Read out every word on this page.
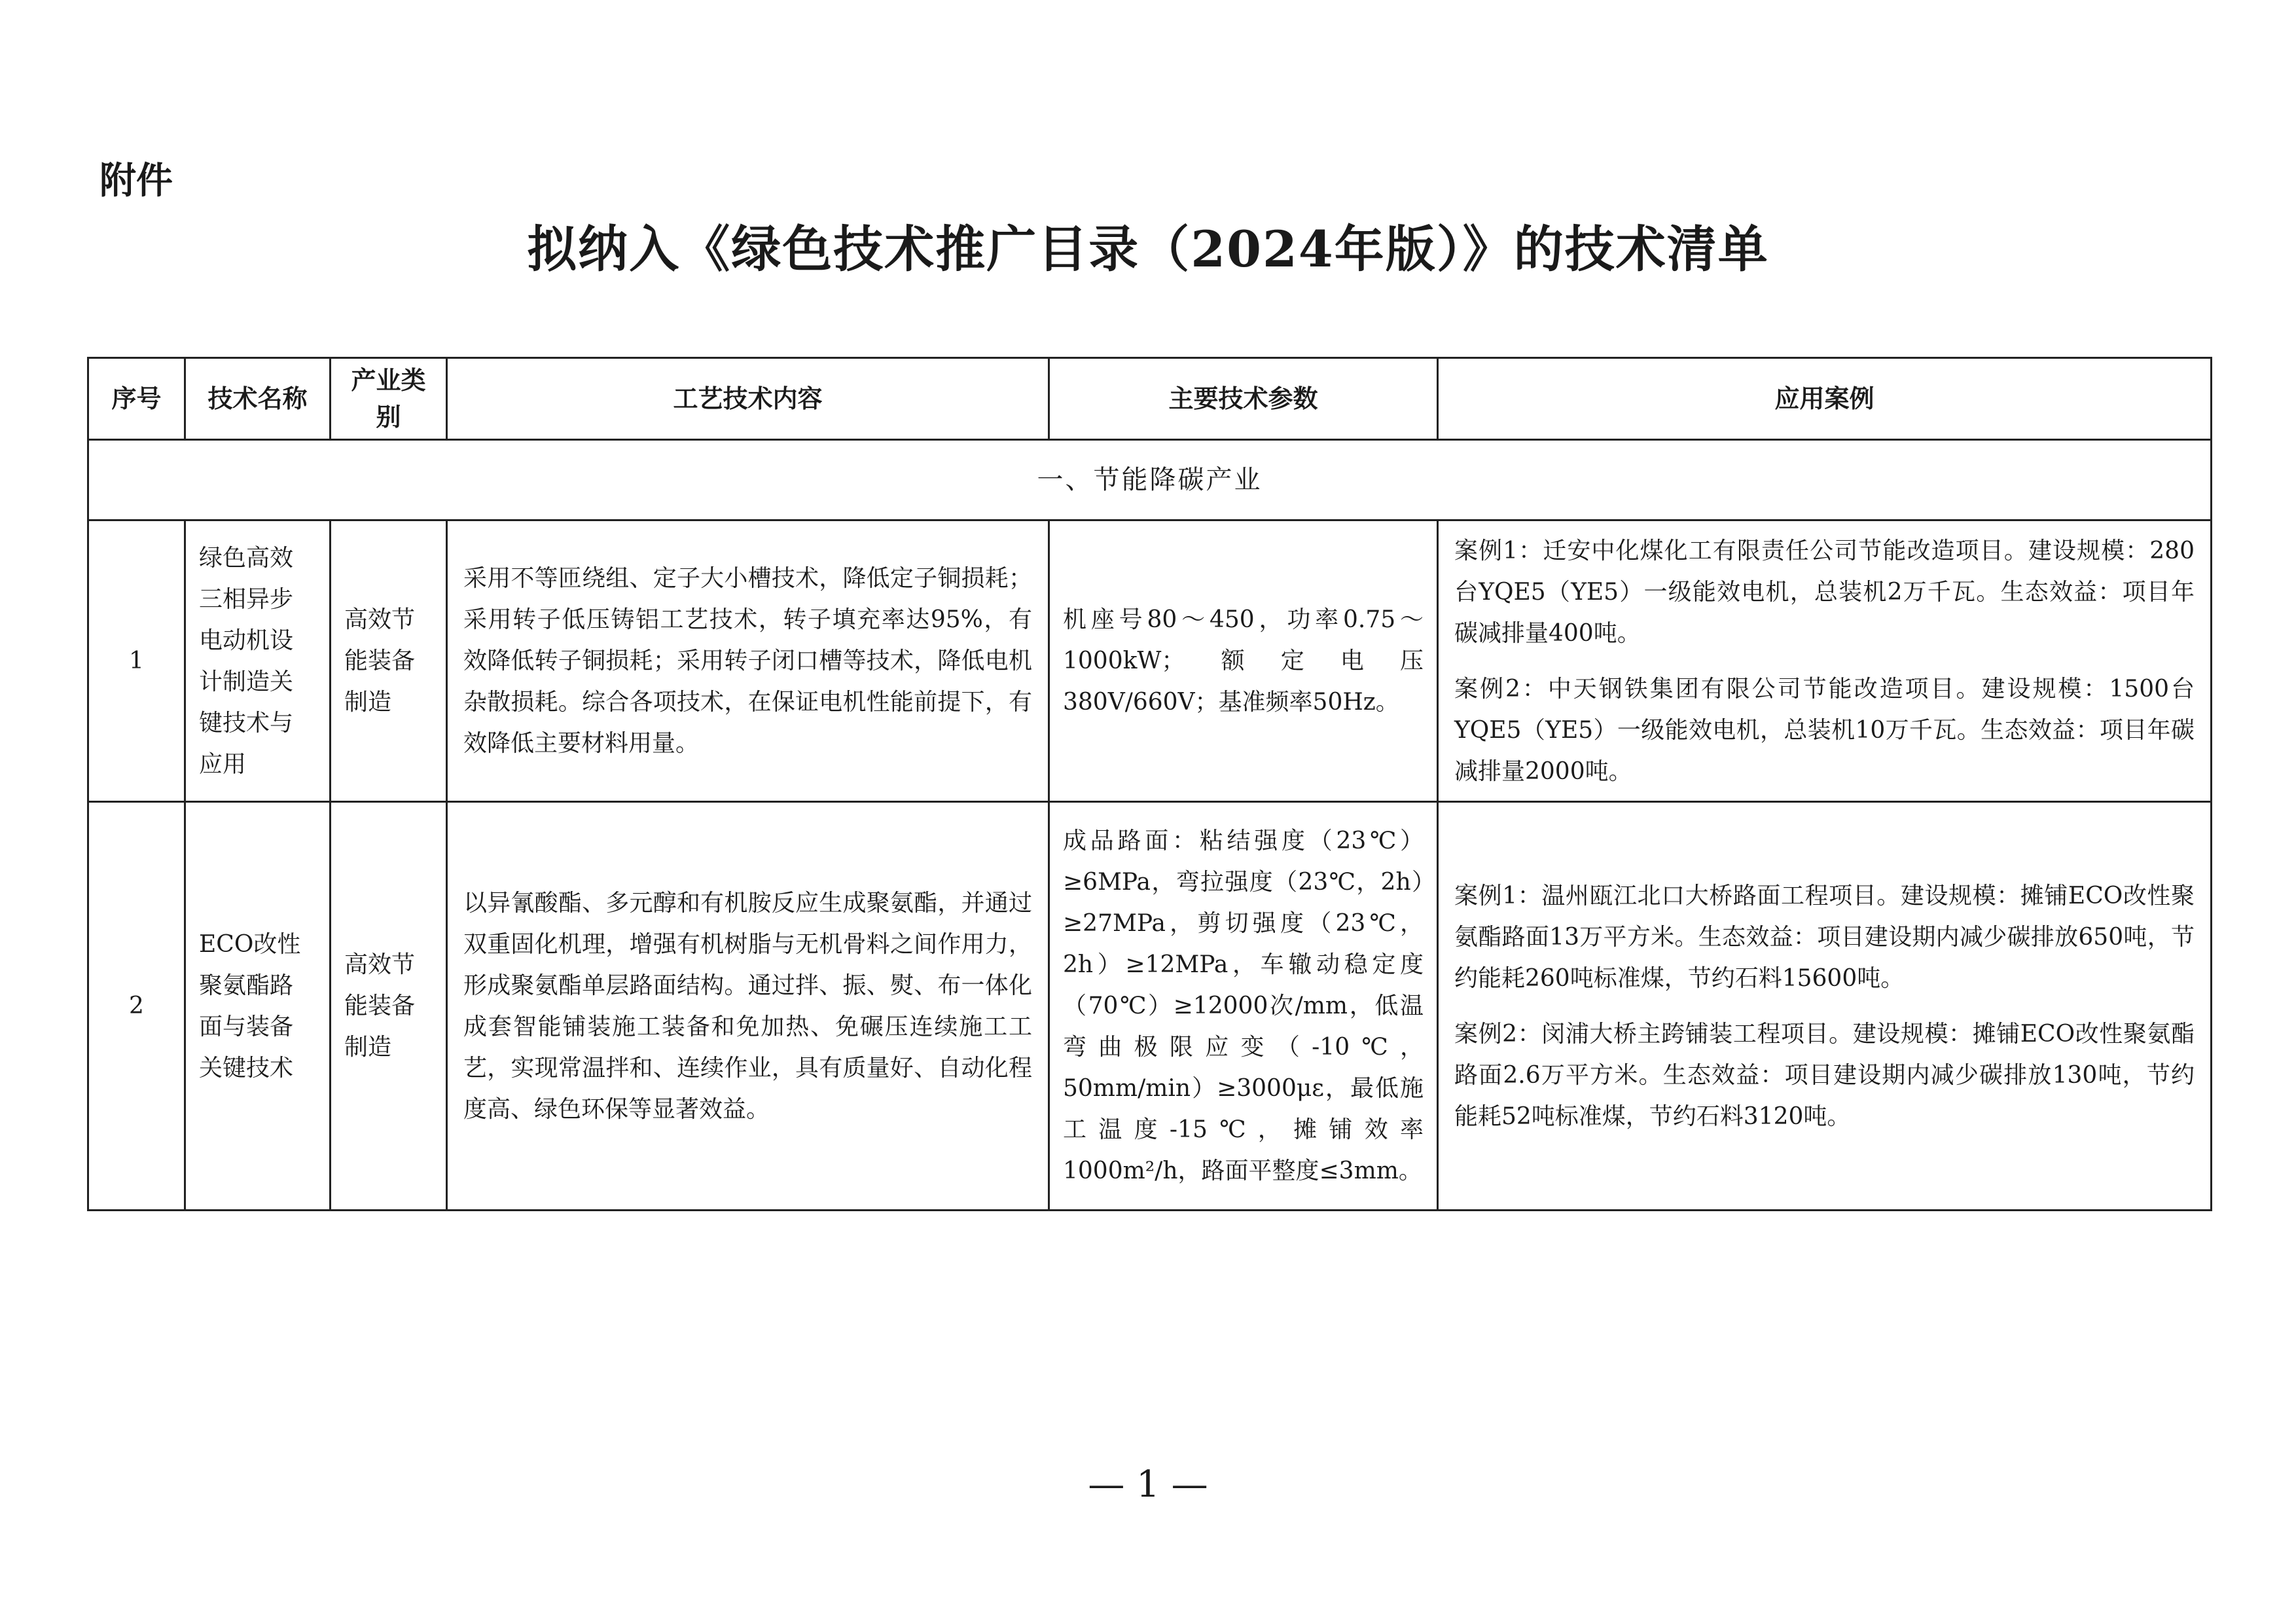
附件
拟纳入《绿色技术推广目录（2024年版）》的技术清单
序号	技术名称	产业类别	工艺技术内容	主要技术参数	应用案例
一、节能降碳产业					
1	绿色高效三相异步电动机设计制造关键技术与应用	高效节能装备制造	采用不等匝绕组、定子大小槽技术，降低定子铜损耗；采用转子低压铸铝工艺技术，转子填充率达95%，有效降低转子铜损耗；采用转子闭口槽等技术，降低电机杂散损耗。综合各项技术，在保证电机性能前提下，有效降低主要材料用量。	机座号80～450，功率0.75～1000kW；额定电压380V/660V；基准频率50Hz。	案例1：迁安中化煤化工有限责任公司节能改造项目。建设规模：280台YQE5（YE5）一级能效电机，总装机2万千瓦。生态效益：项目年碳减排量400吨。

案例2：中天钢铁集团有限公司节能改造项目。建设规模：1500台YQE5（YE5）一级能效电机，总装机10万千瓦。生态效益：项目年碳减排量2000吨。

2	ECO改性聚氨酯路面与装备关键技术	高效节能装备制造	以异氰酸酯、多元醇和有机胺反应生成聚氨酯，并通过双重固化机理，增强有机树脂与无机骨料之间作用力，形成聚氨酯单层路面结构。通过拌、振、熨、布一体化成套智能铺装施工装备和免加热、免碾压连续施工工艺，实现常温拌和、连续作业，具有质量好、自动化程度高、绿色环保等显著效益。	成品路面：粘结强度（23℃）≥6MPa，弯拉强度（23℃，2h）≥27MPa，剪切强度（23℃，2h）≥12MPa，车辙动稳定度（70℃）≥12000次/mm，低温弯曲极限应变（-10℃，50mm/min）≥3000με，最低施工温度-15℃，摊铺效率1000m²/h，路面平整度≤3mm。	案例1：温州瓯江北口大桥路面工程项目。建设规模：摊铺ECO改性聚氨酯路面13万平方米。生态效益：项目建设期内减少碳排放650吨，节约能耗260吨标准煤，节约石料15600吨。

案例2：闵浦大桥主跨铺装工程项目。建设规模：摊铺ECO改性聚氨酯路面2.6万平方米。生态效益：项目建设期内减少碳排放130吨，节约能耗52吨标准煤，节约石料3120吨。

— 1 —
